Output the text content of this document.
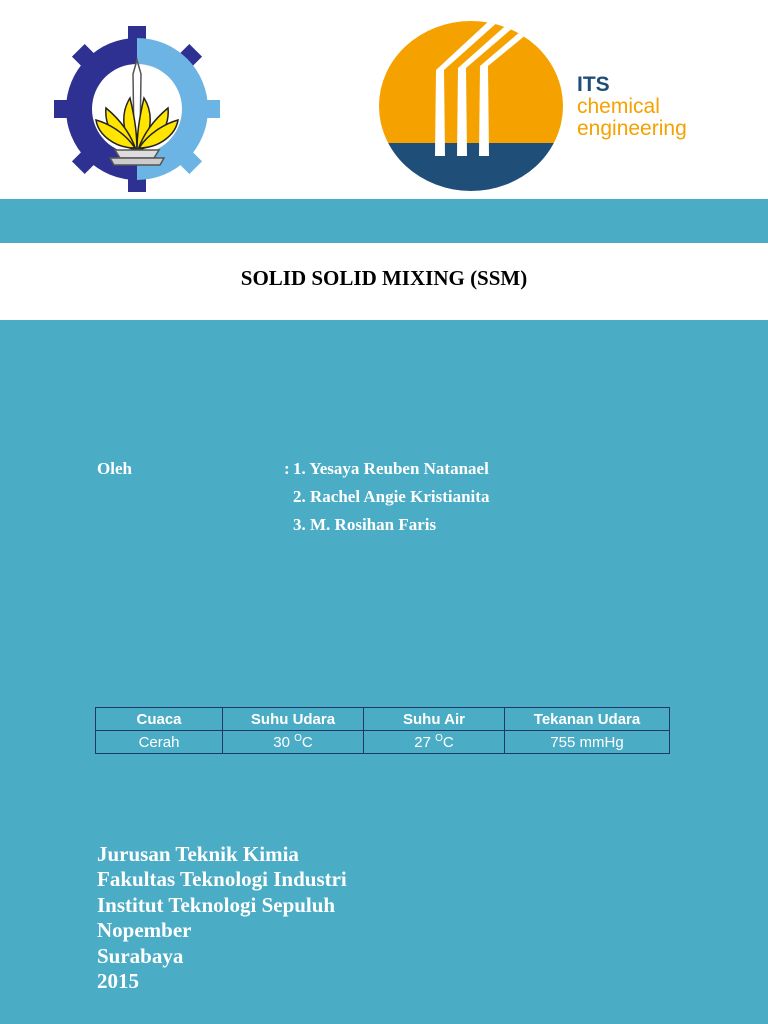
ITS
chemical
engineering
SOLID SOLID MIXING (SSM)
Oleh	: 1. Yesaya Reuben Natanael
2. Rachel Angie Kristianita
3. M. Rosihan Faris
Cuaca	Suhu Udara	Suhu Air	Tekanan Udara
Cerah	30 $^O$C	27 $^O$C	755 mmHg
Jurusan Teknik Kimia
Fakultas Teknologi Industri
Institut Teknologi Sepuluh
Nopember
Surabaya
2015
